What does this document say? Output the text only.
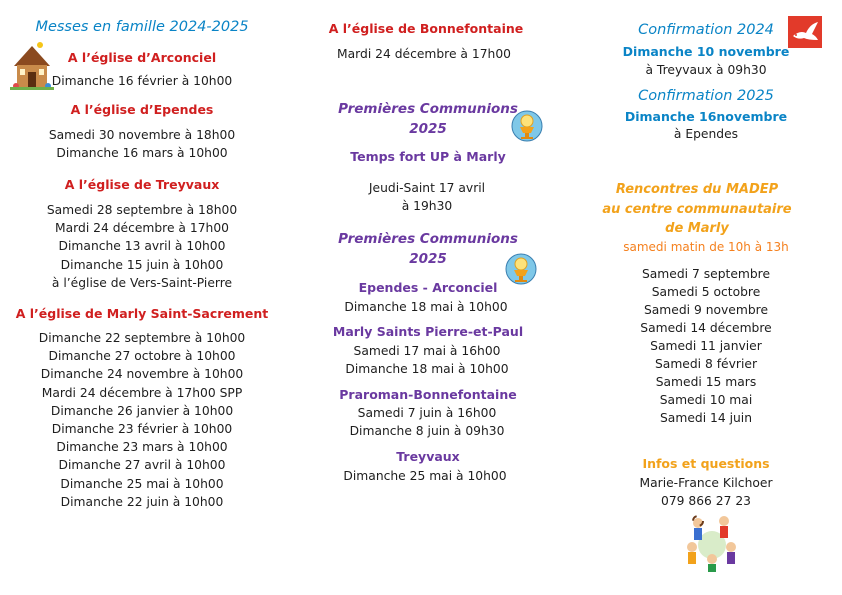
Messes en famille 2024-2025
A l’église d’Arconciel
Dimanche 16 février à 10h00
A l’église d’Ependes
Samedi 30 novembre à 18h00
Dimanche 16 mars à 10h00
A l’église de Treyvaux
Samedi 28 septembre à 18h00
Mardi 24 décembre à 17h00
Dimanche 13 avril à 10h00
Dimanche 15 juin à 10h00
à l’église de Vers-Saint-Pierre
A l’église de Marly Saint-Sacrement
Dimanche 22 septembre à 10h00
Dimanche 27 octobre à 10h00
Dimanche 24 novembre à 10h00
Mardi 24 décembre à 17h00 SPP
Dimanche 26 janvier à 10h00
Dimanche 23 février à 10h00
Dimanche 23 mars à 10h00
Dimanche 27 avril à 10h00
Dimanche 25 mai à 10h00
Dimanche 22 juin à 10h00
A l’église de Bonnefontaine
Mardi 24 décembre à 17h00
Premières Communions
2025
Temps fort UP à Marly
Jeudi-Saint 17 avril
à 19h30
Premières Communions
2025
Ependes - Arconciel
Dimanche 18 mai à 10h00
Marly Saints Pierre-et-Paul
Samedi 17 mai à 16h00
Dimanche 18 mai à 10h00
Praroman-Bonnefontaine
Samedi 7 juin à 16h00
Dimanche 8 juin à 09h30
Treyvaux
Dimanche 25 mai à 10h00
Confirmation 2024
Dimanche 10 novembre
à Treyvaux à 09h30
Confirmation 2025
Dimanche 16novembre
à Ependes
Rencontres du MADEP
au centre communautaire
de Marly
samedi matin de 10h à 13h
Samedi 7 septembre
Samedi 5 octobre
Samedi 9 novembre
Samedi 14 décembre
Samedi 11 janvier
Samedi 8 février
Samedi 15 mars
Samedi 10 mai
Samedi 14 juin
Infos et questions
Marie-France Kilchoer
079 866 27 23
